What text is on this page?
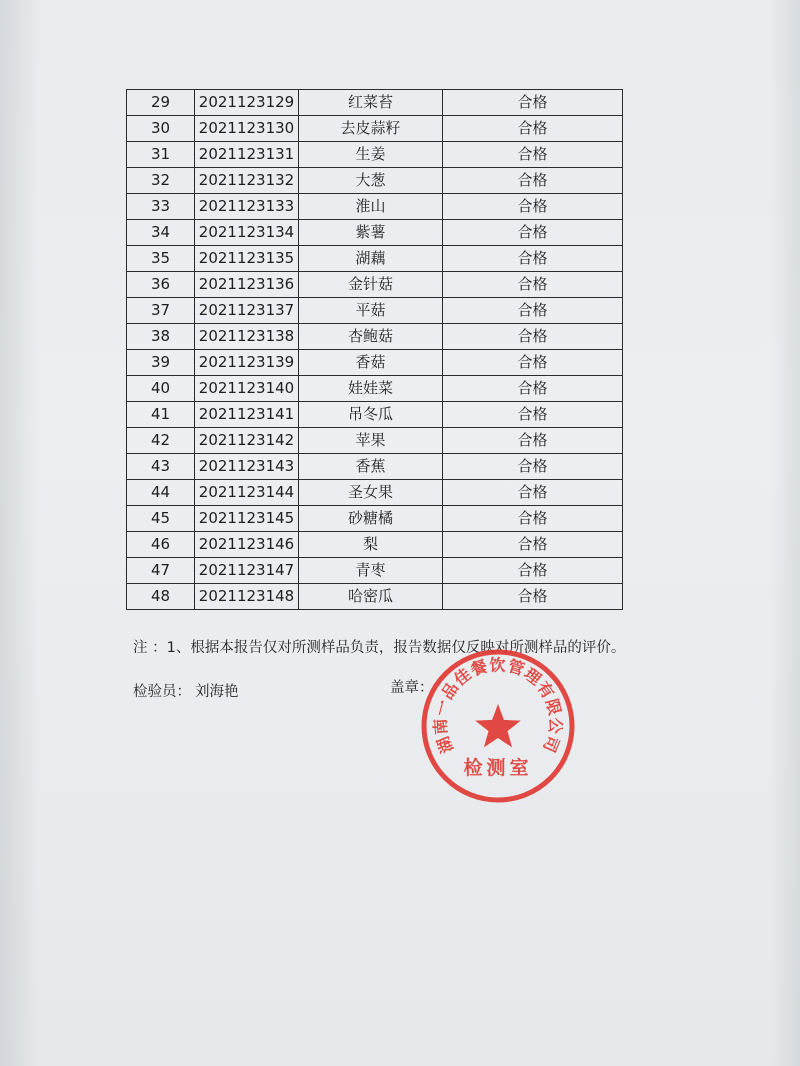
29	2021123129	红菜苔	合格
30	2021123130	去皮蒜籽	合格
31	2021123131	生姜	合格
32	2021123132	大葱	合格
33	2021123133	淮山	合格
34	2021123134	紫薯	合格
35	2021123135	湖藕	合格
36	2021123136	金针菇	合格
37	2021123137	平菇	合格
38	2021123138	杏鲍菇	合格
39	2021123139	香菇	合格
40	2021123140	娃娃菜	合格
41	2021123141	吊冬瓜	合格
42	2021123142	苹果	合格
43	2021123143	香蕉	合格
44	2021123144	圣女果	合格
45	2021123145	砂糖橘	合格
46	2021123146	梨	合格
47	2021123147	青枣	合格
48	2021123148	哈密瓜	合格
注 ：1、根据本报告仅对所测样品负责，报告数据仅反映对所测样品的评价。
检验员： 刘海艳	盖章：
湖南一品佳餐饮管理有限公司
检测室
